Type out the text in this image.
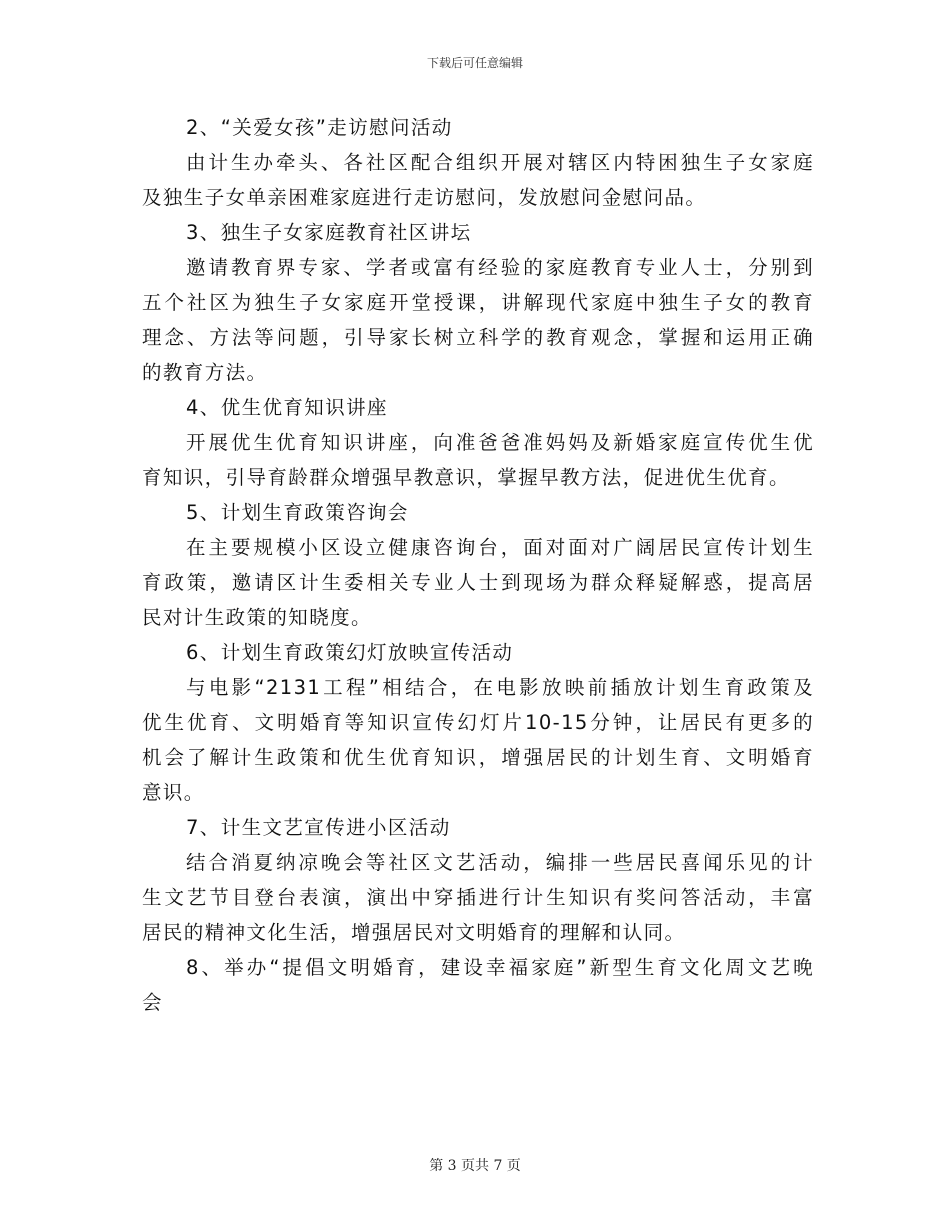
下载后可任意编辑
2、“关爱女孩”走访慰问活动
由计生办牵头、各社区配合组织开展对辖区内特困独生子女家庭
及独生子女单亲困难家庭进行走访慰问，发放慰问金慰问品。
3、独生子女家庭教育社区讲坛
邀请教育界专家、学者或富有经验的家庭教育专业人士，分别到
五个社区为独生子女家庭开堂授课，讲解现代家庭中独生子女的教育
理念、方法等问题，引导家长树立科学的教育观念，掌握和运用正确
的教育方法。
4、优生优育知识讲座
开展优生优育知识讲座，向准爸爸准妈妈及新婚家庭宣传优生优
育知识，引导育龄群众增强早教意识，掌握早教方法，促进优生优育。
5、计划生育政策咨询会
在主要规模小区设立健康咨询台，面对面对广阔居民宣传计划生
育政策，邀请区计生委相关专业人士到现场为群众释疑解惑，提高居
民对计生政策的知晓度。
6、计划生育政策幻灯放映宣传活动
与电影“2131工程”相结合，在电影放映前插放计划生育政策及
优生优育、文明婚育等知识宣传幻灯片10-15分钟，让居民有更多的
机会了解计生政策和优生优育知识，增强居民的计划生育、文明婚育
意识。
7、计生文艺宣传进小区活动
结合消夏纳凉晚会等社区文艺活动，编排一些居民喜闻乐见的计
生文艺节目登台表演，演出中穿插进行计生知识有奖问答活动，丰富
居民的精神文化生活，增强居民对文明婚育的理解和认同。
8、举办“提倡文明婚育，建设幸福家庭”新型生育文化周文艺晚
会
第 3 页共 7 页
